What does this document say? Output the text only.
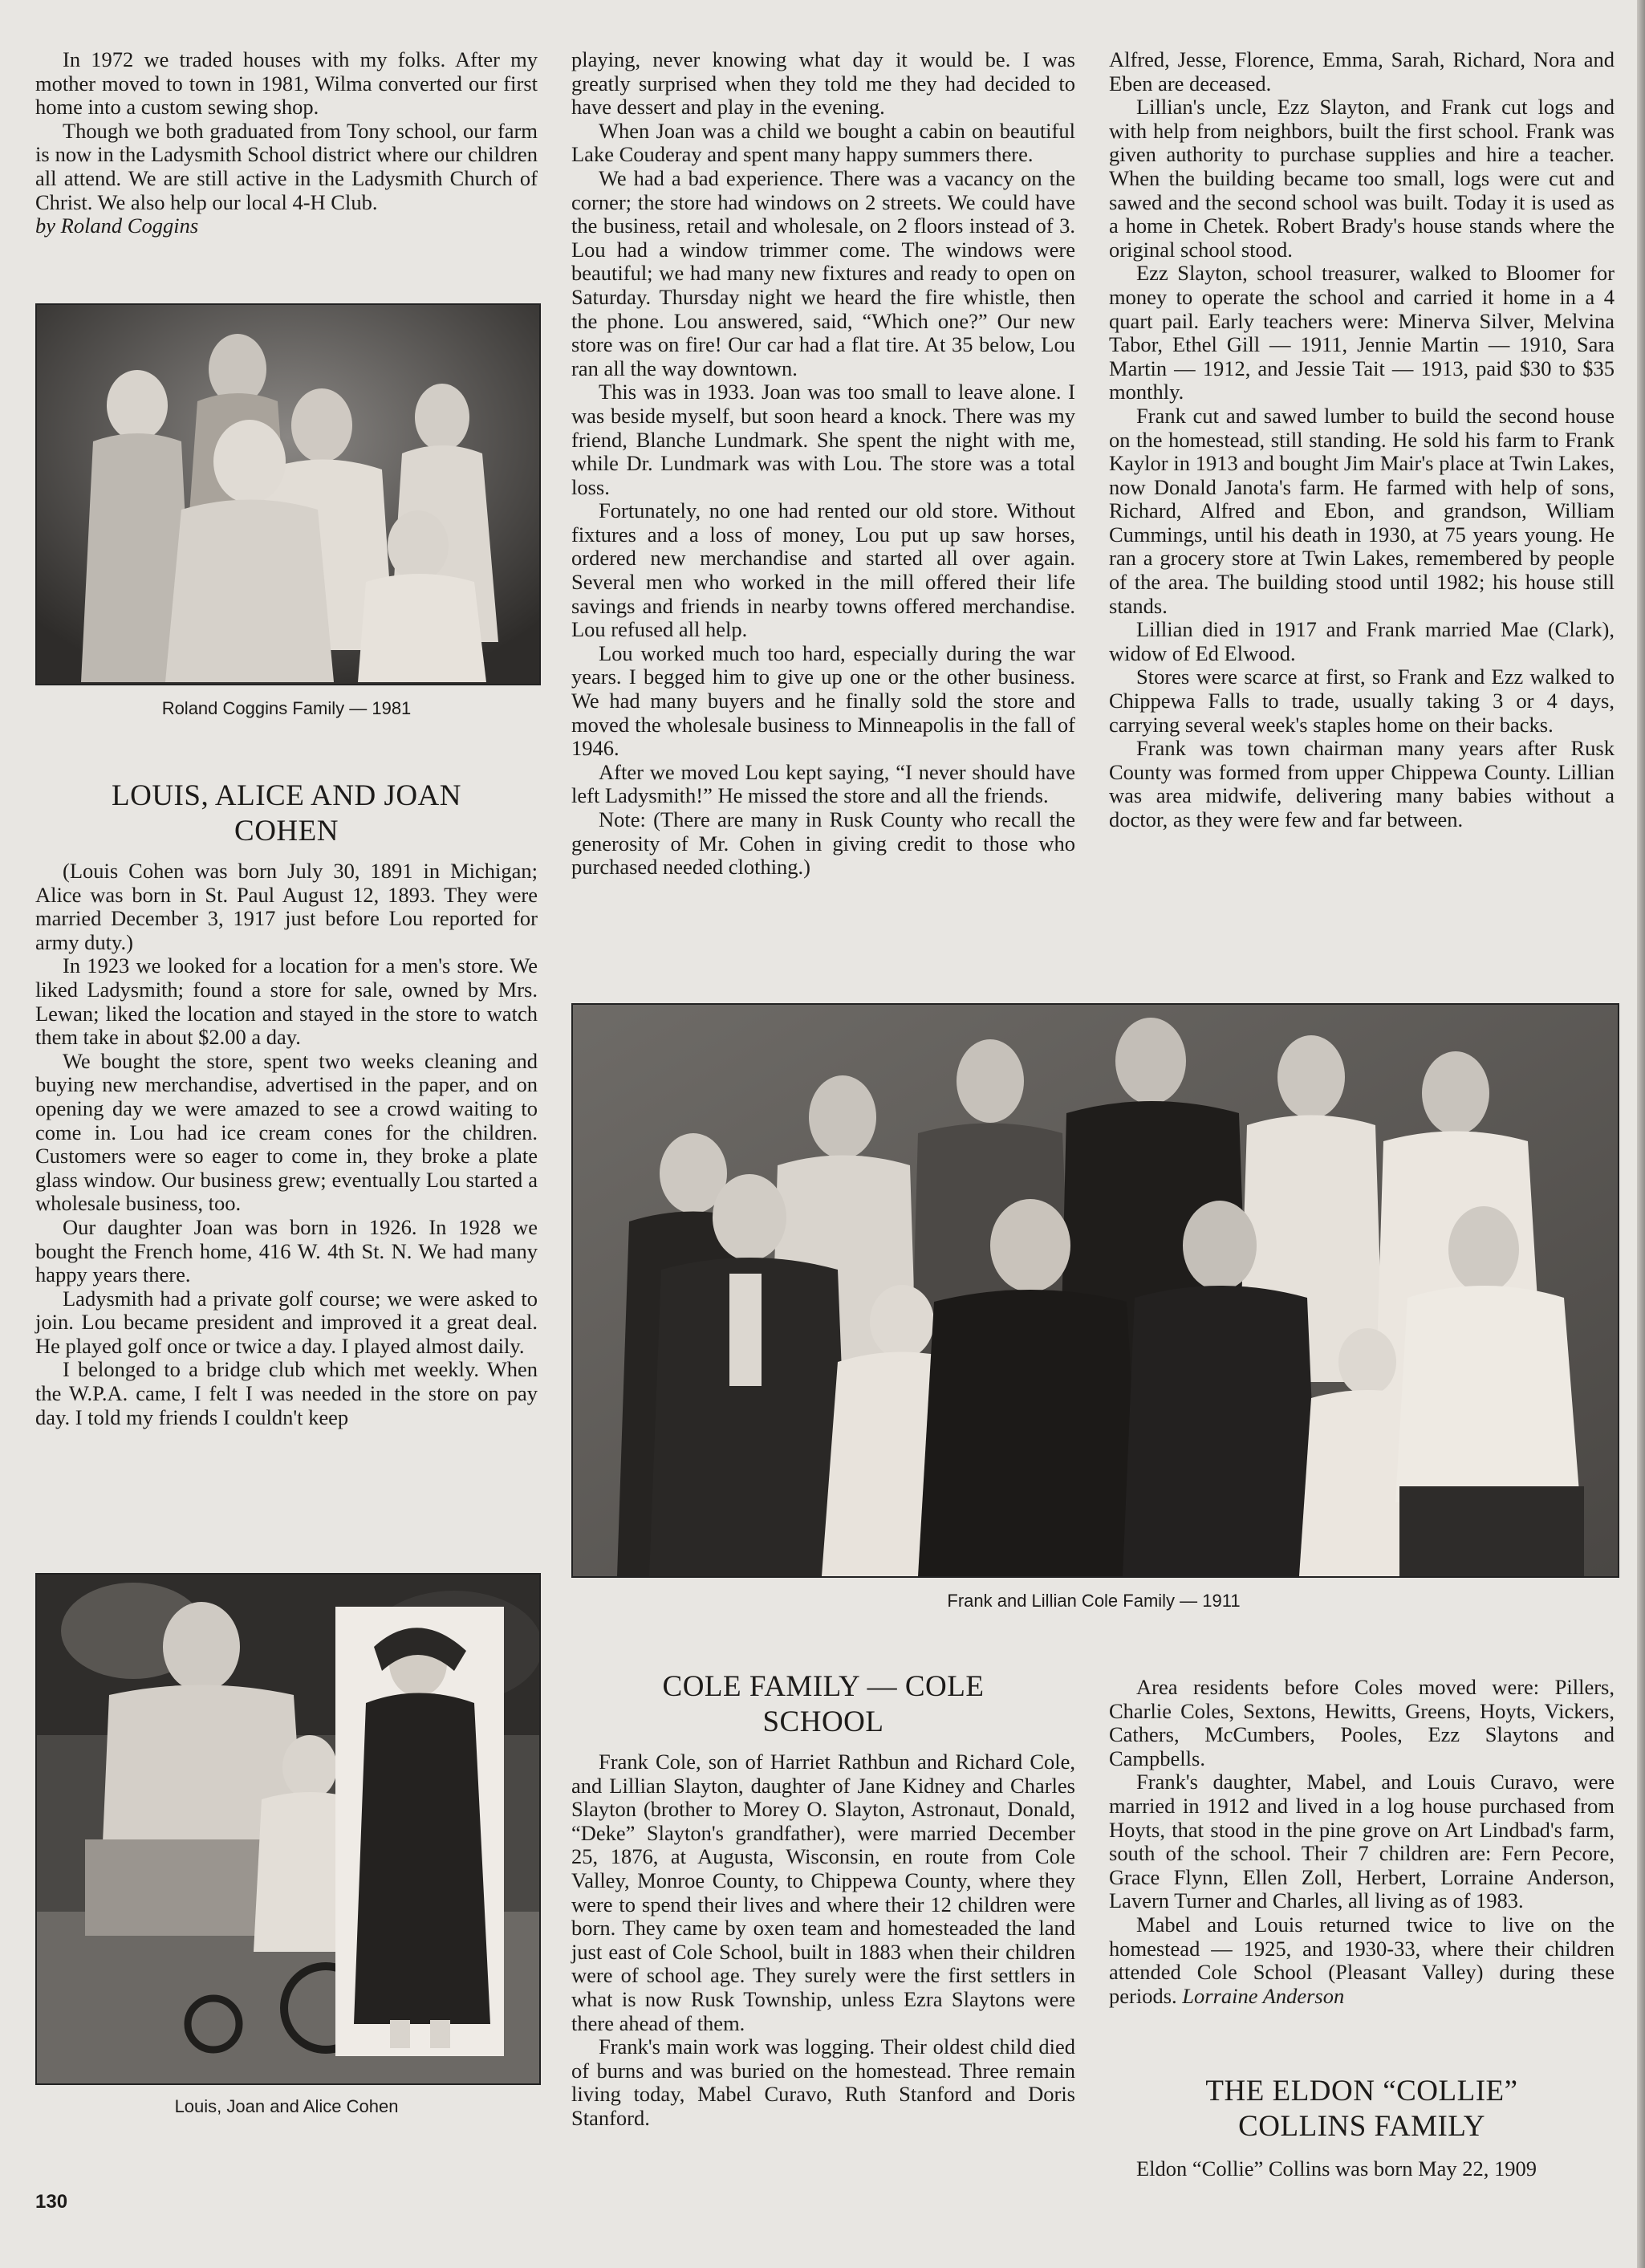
In 1972 we traded houses with my folks. After my mother moved to town in 1981, Wilma converted our first home into a custom sewing shop.

Though we both graduated from Tony school, our farm is now in the Ladysmith School district where our children all attend. We are still active in the Ladysmith Church of Christ. We also help our local 4-H Club.

by Roland Coggins

Roland Coggins Family — 1981

LOUIS, ALICE AND JOAN
COHEN

(Louis Cohen was born July 30, 1891 in Michigan; Alice was born in St. Paul August 12, 1893. They were married December 3, 1917 just before Lou reported for army duty.)

In 1923 we looked for a location for a men's store. We liked Ladysmith; found a store for sale, owned by Mrs. Lewan; liked the location and stayed in the store to watch them take in about $2.00 a day.

We bought the store, spent two weeks cleaning and buying new merchandise, advertised in the paper, and on opening day we were amazed to see a crowd waiting to come in. Lou had ice cream cones for the children. Customers were so eager to come in, they broke a plate glass window. Our business grew; eventually Lou started a wholesale business, too.

Our daughter Joan was born in 1926. In 1928 we bought the French home, 416 W. 4th St. N. We had many happy years there.

Ladysmith had a private golf course; we were asked to join. Lou became president and improved it a great deal. He played golf once or twice a day. I played almost daily.

I belonged to a bridge club which met weekly. When the W.P.A. came, I felt I was needed in the store on pay day. I told my friends I couldn't keep

Louis, Joan and Alice Cohen

playing, never knowing what day it would be. I was greatly surprised when they told me they had decided to have dessert and play in the evening.

When Joan was a child we bought a cabin on beautiful Lake Couderay and spent many happy summers there.

We had a bad experience. There was a vacancy on the corner; the store had windows on 2 streets. We could have the business, retail and wholesale, on 2 floors instead of 3. Lou had a window trimmer come. The windows were beautiful; we had many new fixtures and ready to open on Saturday. Thursday night we heard the fire whistle, then the phone. Lou answered, said, “Which one?” Our new store was on fire! Our car had a flat tire. At 35 below, Lou ran all the way downtown.

This was in 1933. Joan was too small to leave alone. I was beside myself, but soon heard a knock. There was my friend, Blanche Lundmark. She spent the night with me, while Dr. Lundmark was with Lou. The store was a total loss.

Fortunately, no one had rented our old store. Without fixtures and a loss of money, Lou put up saw horses, ordered new merchandise and started all over again. Several men who worked in the mill offered their life savings and friends in nearby towns offered merchandise. Lou refused all help.

Lou worked much too hard, especially during the war years. I begged him to give up one or the other business. We had many buyers and he finally sold the store and moved the wholesale business to Minneapolis in the fall of 1946.

After we moved Lou kept saying, “I never should have left Ladysmith!” He missed the store and all the friends.

Note: (There are many in Rusk County who recall the generosity of Mr. Cohen in giving credit to those who purchased needed clothing.)

Alfred, Jesse, Florence, Emma, Sarah, Richard, Nora and Eben are deceased.

Lillian's uncle, Ezz Slayton, and Frank cut logs and with help from neighbors, built the first school. Frank was given authority to purchase supplies and hire a teacher. When the building became too small, logs were cut and sawed and the second school was built. Today it is used as a home in Chetek. Robert Brady's house stands where the original school stood.

Ezz Slayton, school treasurer, walked to Bloomer for money to operate the school and carried it home in a 4 quart pail. Early teachers were: Minerva Silver, Melvina Tabor, Ethel Gill — 1911, Jennie Martin — 1910, Sara Martin — 1912, and Jessie Tait — 1913, paid $30 to $35 monthly.

Frank cut and sawed lumber to build the second house on the homestead, still standing. He sold his farm to Frank Kaylor in 1913 and bought Jim Mair's place at Twin Lakes, now Donald Janota's farm. He farmed with help of sons, Richard, Alfred and Ebon, and grandson, William Cummings, until his death in 1930, at 75 years young. He ran a grocery store at Twin Lakes, remembered by people of the area. The building stood until 1982; his house still stands.

Lillian died in 1917 and Frank married Mae (Clark), widow of Ed Elwood.

Stores were scarce at first, so Frank and Ezz walked to Chippewa Falls to trade, usually taking 3 or 4 days, carrying several week's staples home on their backs.

Frank was town chairman many years after Rusk County was formed from upper Chippewa County. Lillian was area midwife, delivering many babies without a doctor, as they were few and far between.

Frank and Lillian Cole Family — 1911

COLE FAMILY — COLE
SCHOOL

Frank Cole, son of Harriet Rathbun and Richard Cole, and Lillian Slayton, daughter of Jane Kidney and Charles Slayton (brother to Morey O. Slayton, Astronaut, Donald, “Deke” Slayton's grandfather), were married December 25, 1876, at Augusta, Wisconsin, en route from Cole Valley, Monroe County, to Chippewa County, where they were to spend their lives and where their 12 children were born. They came by oxen team and homesteaded the land just east of Cole School, built in 1883 when their children were of school age. They surely were the first settlers in what is now Rusk Township, unless Ezra Slaytons were there ahead of them.

Frank's main work was logging. Their oldest child died of burns and was buried on the homestead. Three remain living today, Mabel Curavo, Ruth Stanford and Doris Stanford.

Area residents before Coles moved were: Pillers, Charlie Coles, Sextons, Hewitts, Greens, Hoyts, Vickers, Cathers, McCumbers, Pooles, Ezz Slaytons and Campbells.

Frank's daughter, Mabel, and Louis Curavo, were married in 1912 and lived in a log house purchased from Hoyts, that stood in the pine grove on Art Lindbad's farm, south of the school. Their 7 children are: Fern Pecore, Grace Flynn, Ellen Zoll, Herbert, Lorraine Anderson, Lavern Turner and Charles, all living as of 1983.

Mabel and Louis returned twice to live on the homestead — 1925, and 1930-33, where their children attended Cole School (Pleasant Valley) during these periods. Lorraine Anderson

THE ELDON “COLLIE”
COLLINS FAMILY

Eldon “Collie” Collins was born May 22, 1909

130
